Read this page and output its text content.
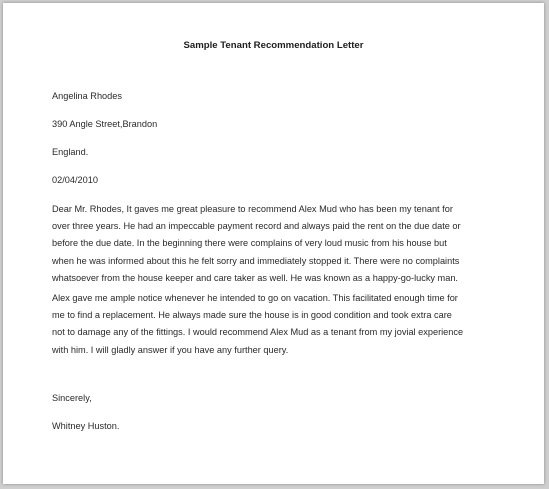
Sample Tenant Recommendation Letter
Angelina Rhodes
390 Angle Street,Brandon
England.
02/04/2010
Dear Mr. Rhodes, It gaves me great pleasure to recommend Alex Mud who has been my tenant for
over three years. He had an impeccable payment record and always paid the rent on the due date or
before the due date. In the beginning there were complains of very loud music from his house but
when he was informed about this he felt sorry and immediately stopped it. There were no complaints
whatsoever from the house keeper and care taker as well. He was known as a happy-go-lucky man.
Alex gave me ample notice whenever he intended to go on vacation. This facilitated enough time for
me to find a replacement. He always made sure the house is in good condition and took extra care
not to damage any of the fittings. I would recommend Alex Mud as a tenant from my jovial experience
with him. I will gladly answer if you have any further query.
Sincerely,
Whitney Huston.
